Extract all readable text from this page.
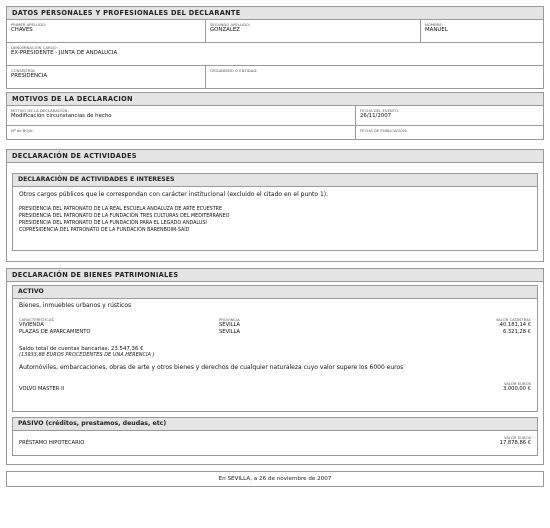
DATOS PERSONALES Y PROFESIONALES DEL DECLARANTE
PRIMER APELLIDO:
CHAVES
SEGUNDO APELLIDO:
GONZALEZ
NOMBRE:
MANUEL
DENOMINACIÓN CARGO:
EX-PRESIDENTE - JUNTA DE ANDALUCIA
CONSEJERÍA:
PRESIDENCIA
ORGANISMO O ENTIDAD:
MOTIVOS DE LA DECLARACION
MOTIVO DE LA DECLARACIÓN:
Modificación circunstancias de hecho
FECHA DEL EVENTO:
26/11/2007
Nº de BOJA:	FECHA DE PUBLICACIÓN:
DECLARACIÓN DE ACTIVIDADES
DECLARACIÓN DE ACTIVIDADES E INTERESES
Otros cargos públicos que le correspondan con carácter institucional (excluido el citado en el punto 1).
PRESIDENCIA DEL PATRONATO DE LA REAL ESCUELA ANDALUZA DE ARTE ECUESTRE
PRESIDENCIA DEL PATRONATO DE LA FUNDACIÓN TRES CULTURAS DEL MEDITERRÁNEO
PRESIDENCIA DEL PATRONATO DE LA FUNDACIÓN PARA EL LEGADO ANDALUSÍ
COPRESIDENCIA DEL PATRONATO DE LA FUNDACIÓN BARENBOIM-SAID
DECLARACIÓN DE BIENES PATRIMONIALES
ACTIVO
Bienes, inmuebles urbanos y rústicos
CARACTERÍSTICAS	PROVINCIA	VALOR CATASTRAL
VIVIENDA	SEVILLA	40.181,14 €
PLAZAS DE APARCAMIENTO	SEVILLA	6.321,28 €
Saldo total de cuentas bancarias: 23.547,36 €
(13933,88 EUROS PROCEDENTES DE UNA HERENCIA )
Automóviles, embarcaciones, obras de arte y otros bienes y derechos de cualquier naturaleza cuyo valor supere los 6000 euros
VALOR EUROS
VOLVO MASTER II	3.000,00 €
PASIVO (créditos, prestamos, deudas, etc)
VALOR EUROS
PRÉSTAMO HIPOTECARIO	17.878,86 €
En SEVILLA, a 26 de noviembre de 2007
